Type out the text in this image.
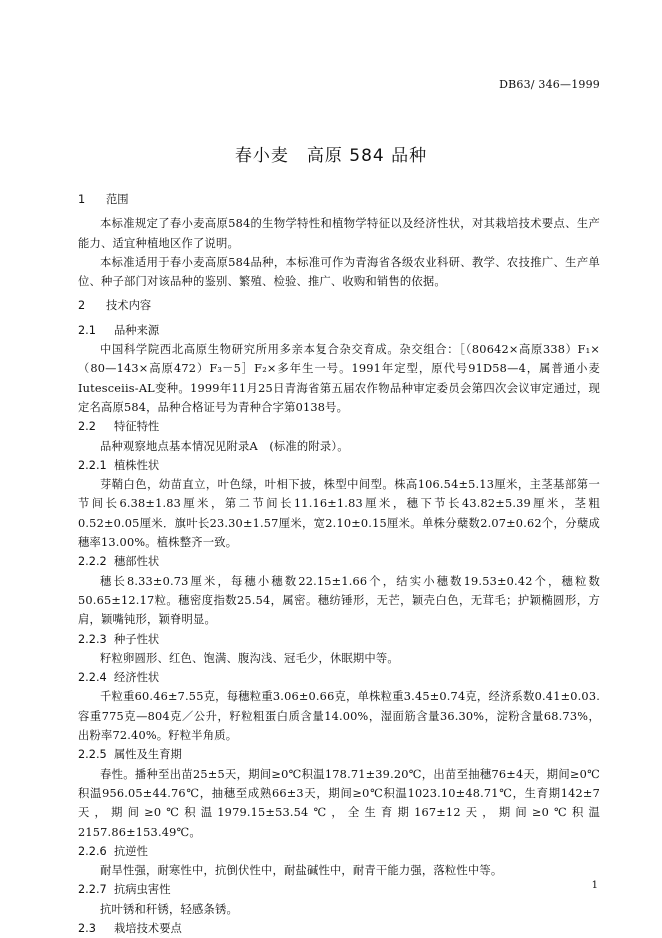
DB63/ 346—1999
春小麦　高原 584 品种
1 范围

本标准规定了春小麦高原584的生物学特性和植物学特征以及经济性状，对其栽培技术要点、生产能力、适宜种植地区作了说明。

本标准适用于春小麦高原584品种，本标准可作为青海省各级农业科研、教学、农技推广、生产单位、种子部门对该品种的鉴别、繁殖、检验、推广、收购和销售的依据。

2 技术内容
2.1 品种来源

中国科学院西北高原生物研究所用多亲本复合杂交育成。杂交组合：［（80642×高原338）F₁×（80—143×高原472）F₃－5］F₂×多年生一号。1991年定型，原代号91D58—4，属普通小麦Iutesceiis-AL变种。1999年11月25日青海省第五届农作物品种审定委员会第四次会议审定通过，现定名高原584，品种合格证号为青种合字第0138号。

2.2 特征特性

品种观察地点基本情况见附录A　(标准的附录）。

2.2.1 植株性状

芽鞘白色，幼苗直立，叶色绿，叶相下披，株型中间型。株高106.54±5.13厘米，主茎基部第一节间长6.38±1.83厘米，第二节间长11.16±1.83厘米，穗下节长43.82±5.39厘米，茎粗0.52±0.05厘米．旗叶长23.30±1.57厘米，宽2.10±0.15厘米。单株分蘖数2.07±0.62个，分蘖成穗率13.00%。植株整齐一致。

2.2.2 穗部性状

穗长8.33±0.73厘米，每穗小穗数22.15±1.66个，结实小穗数19.53±0.42个，穗粒数50.65±12.17粒。穗密度指数25.54，属密。穗纺锤形，无芒，颖壳白色，无茸毛；护颖椭圆形，方肩，颖嘴钝形，颖脊明显。

2.2.3 种子性状

籽粒卵圆形、红色、饱满、腹沟浅、冠毛少，休眠期中等。

2.2.4 经济性状

千粒重60.46±7.55克，每穗粒重3.06±0.66克，单株粒重3.45±0.74克，经济系数0.41±0.03.容重775克—804克／公升，籽粒粗蛋白质含量14.00%，湿面筋含量36.30%，淀粉含量68.73%，出粉率72.40%。籽粒半角质。

2.2.5 属性及生育期

春性。播种至出苗25±5天，期间≥0℃积温178.71±39.20℃，出苗至抽穗76±4天，期间≥0℃积温956.05±44.76℃，抽穗至成熟66±3天，期间≥0℃积温1023.10±48.71℃，生育期142±7天，期间≥0℃积温1979.15±53.54℃，全生育期167±12天，期间≥0℃积温2157.86±153.49℃。

2.2.6 抗逆性

耐旱性强，耐寒性中，抗倒伏性中，耐盐碱性中，耐青干能力强，落粒性中等。

2.2.7 抗病虫害性

抗叶锈和秆锈，轻感条锈。

2.3 栽培技术要点
1
